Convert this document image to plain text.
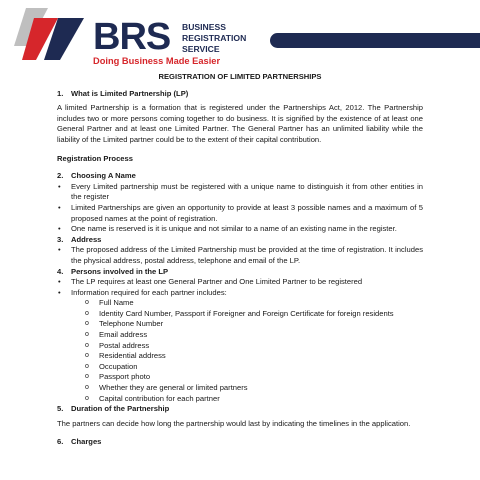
BRS BUSINESS
REGISTRATION
SERVICE
Doing Business Made Easier
REGISTRATION OF LIMITED PARTNERSHIPS
1.	What is Limited Partnership (LP)
A limited Partnership is a formation that is registered under the Partnerships Act, 2012. The Partnership includes two or more persons coming together to do business. It is signified by the existence of at least one General Partner and at least one Limited Partner. The General Partner has an unlimited liability while the liability of the Limited partner could be to the extent of their capital contribution.
Registration Process
2.	Choosing A Name
• Every Limited partnership must be registered with a unique name to distinguish it from other entities in the register
• Limited Partnerships are given an opportunity to provide at least 3 possible names and a maximum of 5 proposed names at the point of registration.
• One name is reserved is it is unique and not similar to a name of an existing name in the register.
3.	Address
• The proposed address of the Limited Partnership must be provided at the time of registration. It includes the physical address, postal address, telephone and email of the LP.
4.	Persons involved in the LP
• The LP requires at least one General Partner and One Limited Partner to be registered
• Information required for each partner includes:
o Full Name
o Identity Card Number, Passport if Foreigner and Foreign Certificate for foreign residents
o Telephone Number
o Email address
o Postal address
o Residential address
o Occupation
o Passport photo
o Whether they are general or limited partners
o Capital contribution for each partner
5.	Duration of the Partnership
The partners can decide how long the partnership would last by indicating the timelines in the application.
6.	Charges
